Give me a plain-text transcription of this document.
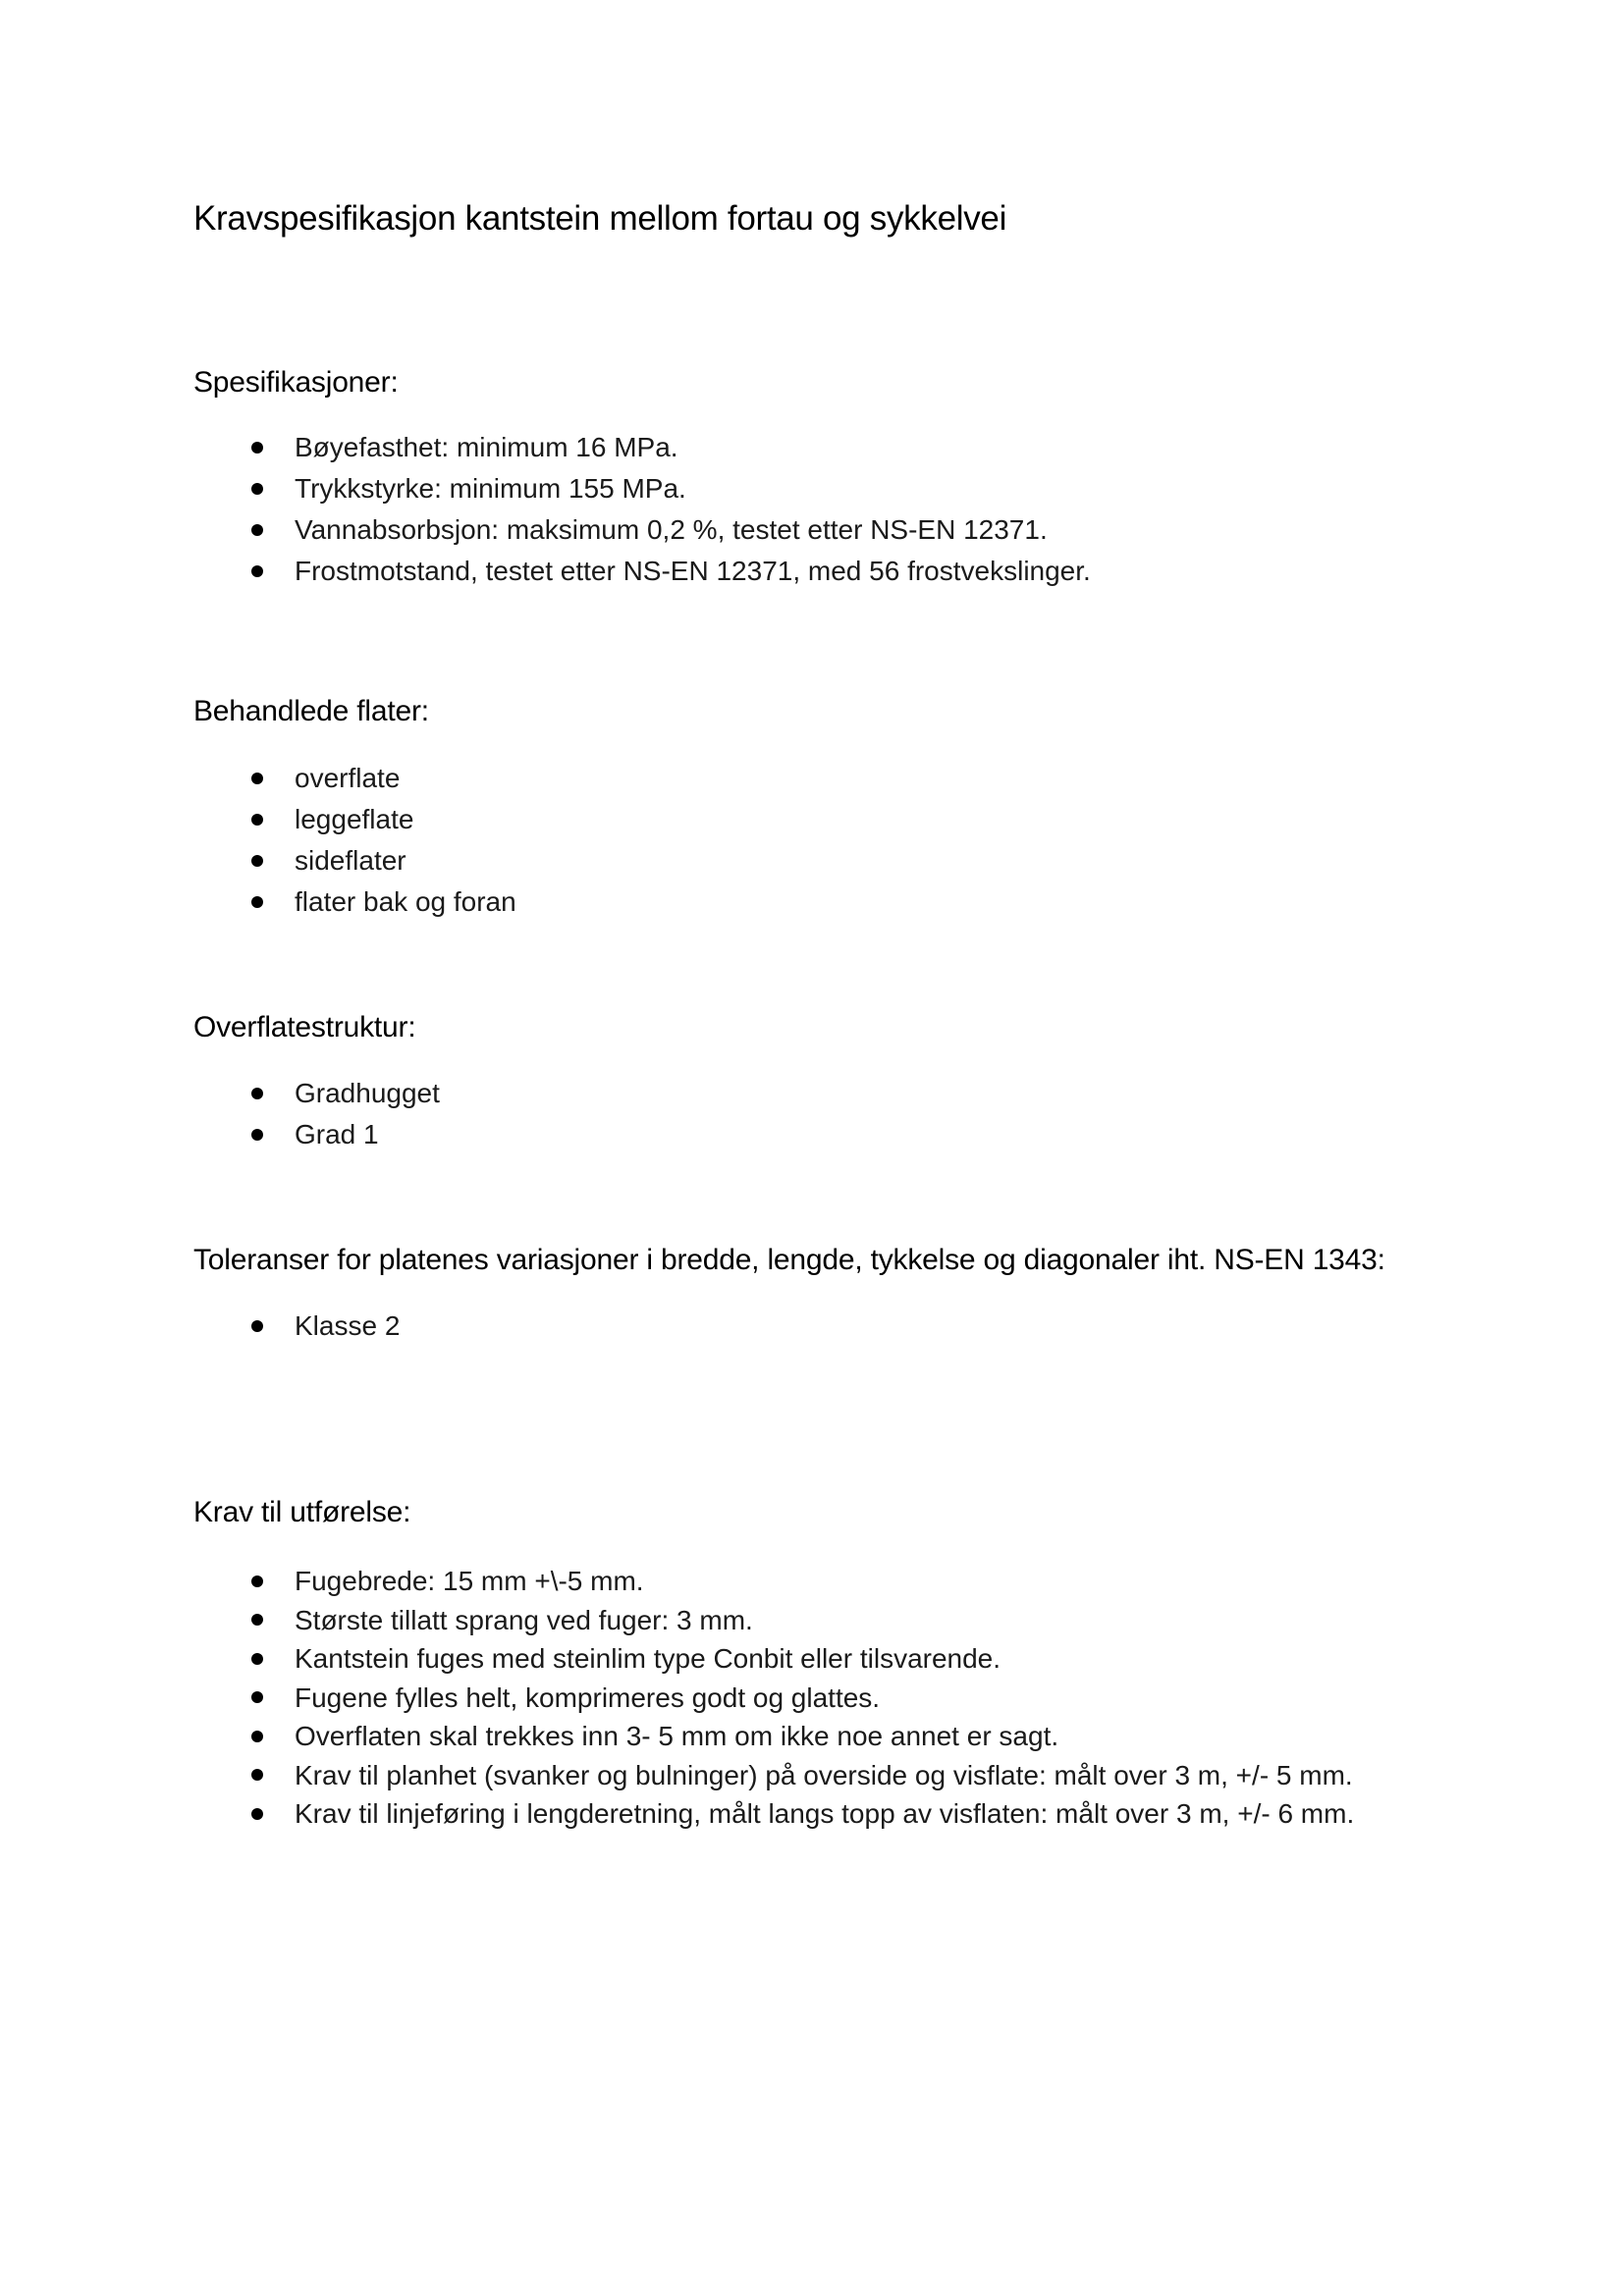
Kravspesifikasjon kantstein mellom fortau og sykkelvei
Spesifikasjoner:
Bøyefasthet: minimum 16 MPa.
Trykkstyrke: minimum 155 MPa.
Vannabsorbsjon: maksimum 0,2 %, testet etter NS-EN 12371.
Frostmotstand, testet etter NS-EN 12371, med 56 frostvekslinger.
Behandlede flater:
overflate
leggeflate
sideflater
flater bak og foran
Overflatestruktur:
Gradhugget
Grad 1
Toleranser for platenes variasjoner i bredde, lengde, tykkelse og diagonaler iht. NS-EN 1343:
Klasse 2
Krav til utførelse:
Fugebrede: 15 mm +\-5 mm.
Største tillatt sprang ved fuger: 3 mm.
Kantstein fuges med steinlim type Conbit eller tilsvarende.
Fugene fylles helt, komprimeres godt og glattes.
Overflaten skal trekkes inn 3- 5 mm om ikke noe annet er sagt.
Krav til planhet (svanker og bulninger) på overside og visflate: målt over 3 m, +/- 5 mm.
Krav til linjeføring i lengderetning, målt langs topp av visflaten: målt over 3 m, +/- 6 mm.
